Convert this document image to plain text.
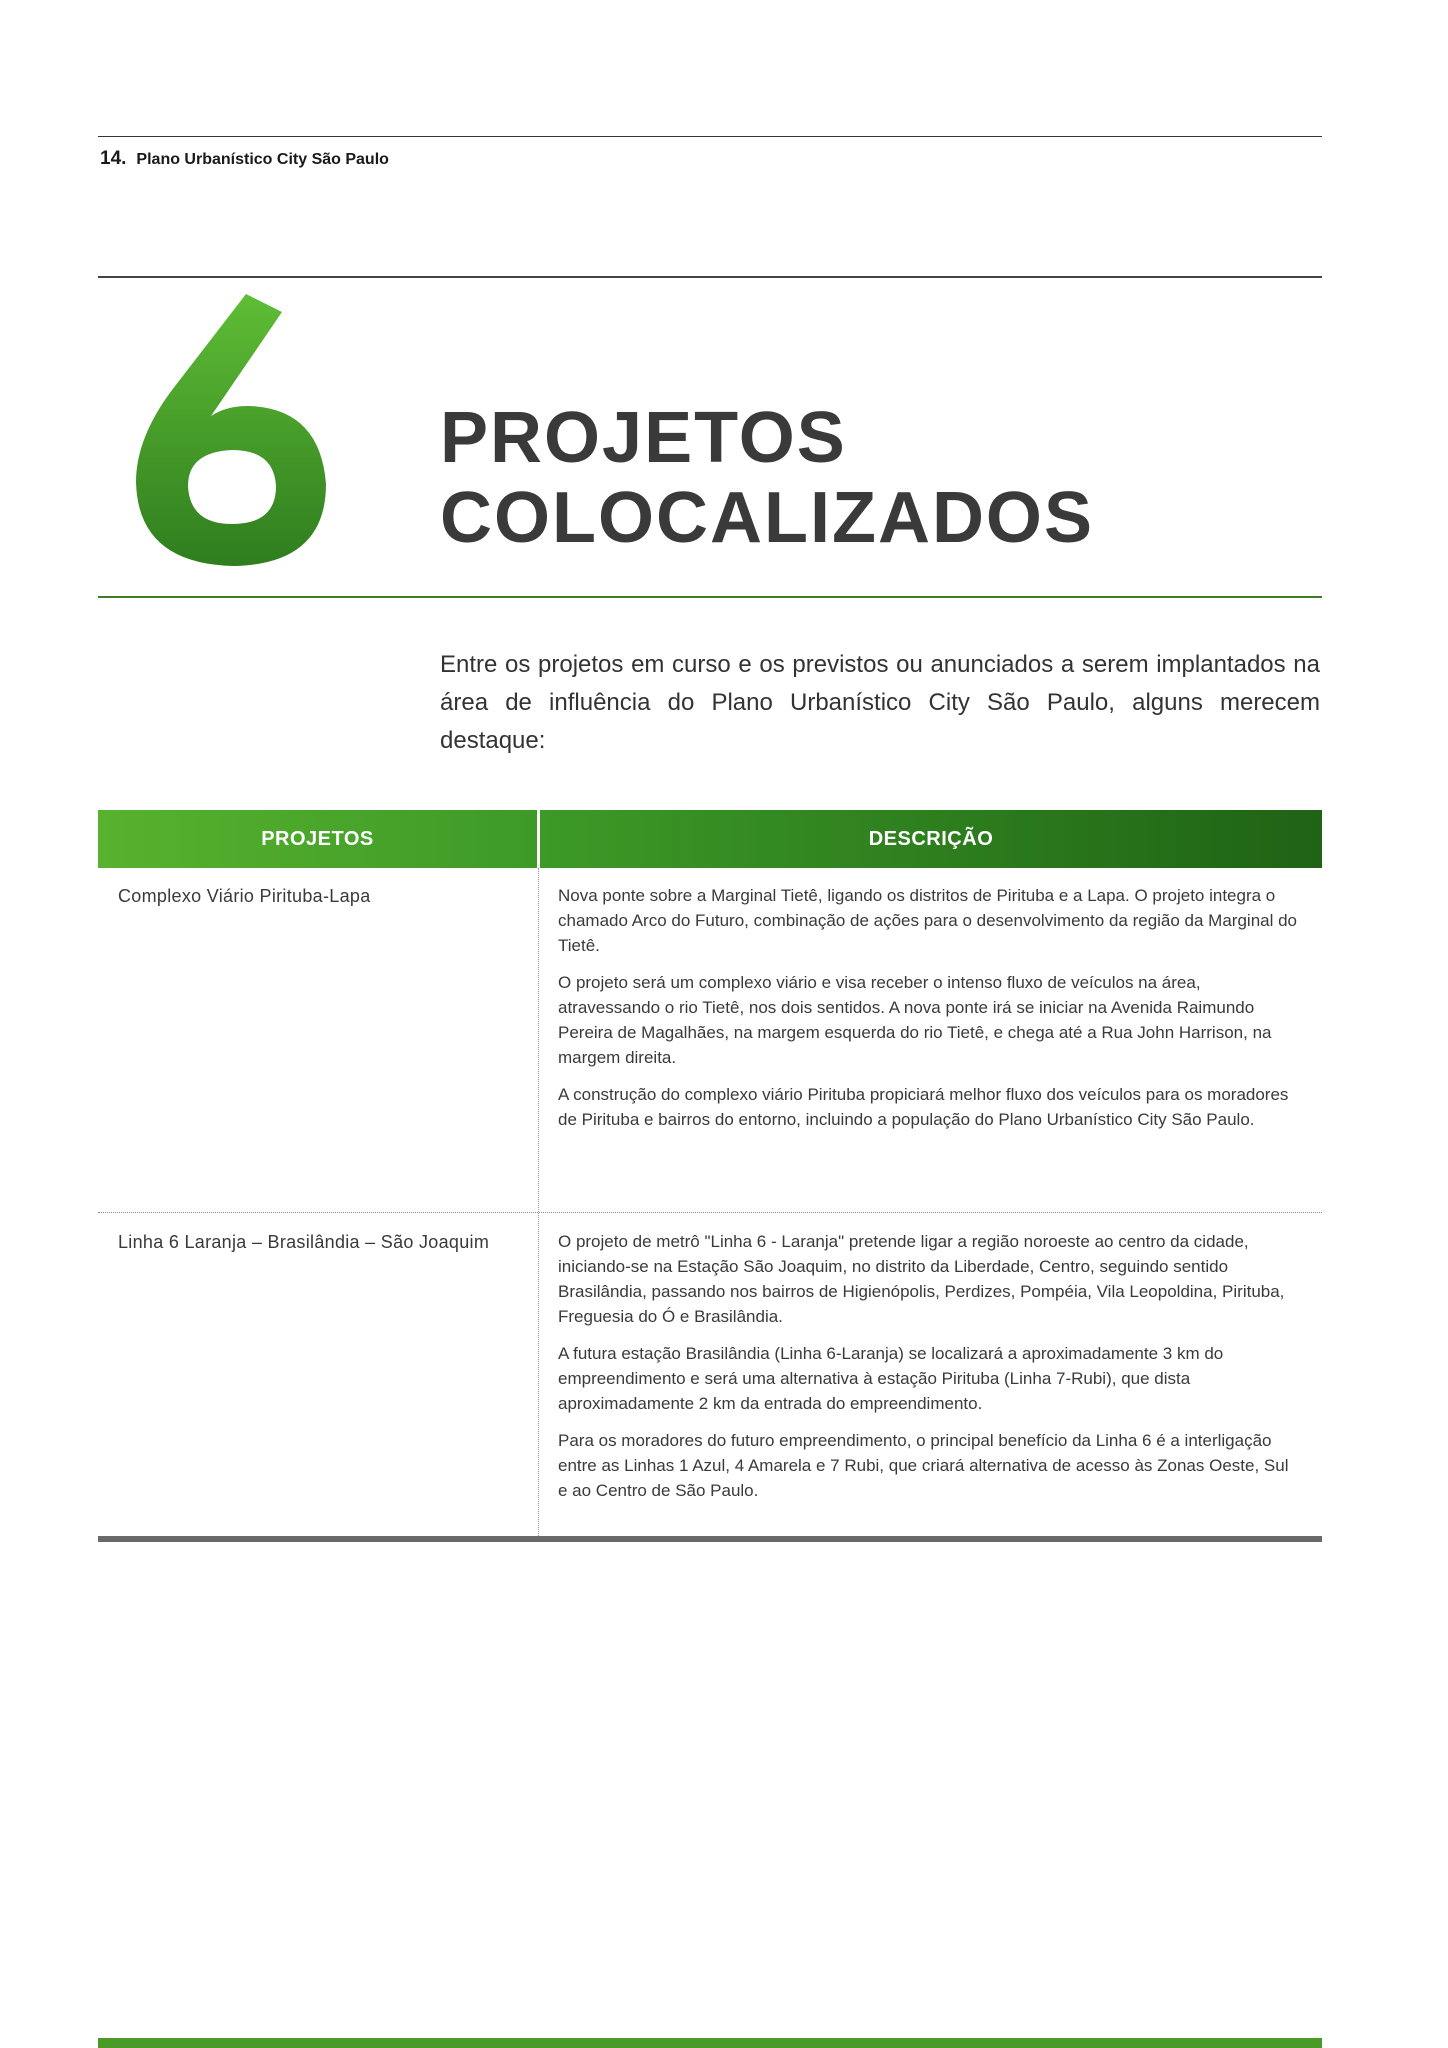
14. Plano Urbanístico City São Paulo
6
PROJETOS
COLOCALIZADOS
Entre os projetos em curso e os previstos ou anunciados a serem implantados na área de influência do Plano Urbanístico City São Paulo, alguns merecem destaque:
PROJETOS	DESCRIÇÃO
Complexo Viário Pirituba-Lapa	Nova ponte sobre a Marginal Tietê, ligando os distritos de Pirituba e a Lapa. O projeto integra o chamado Arco do Futuro, combinação de ações para o desenvolvimento da região da Marginal do Tietê.

O projeto será um complexo viário e visa receber o intenso fluxo de veículos na área, atravessando o rio Tietê, nos dois sentidos. A nova ponte irá se iniciar na Avenida Raimundo Pereira de Magalhães, na margem esquerda do rio Tietê, e chega até a Rua John Harrison, na margem direita.

A construção do complexo viário Pirituba propiciará melhor fluxo dos veículos para os moradores de Pirituba e bairros do entorno, incluindo a população do Plano Urbanístico City São Paulo.

Linha 6 Laranja – Brasilândia – São Joaquim	O projeto de metrô "Linha 6 - Laranja" pretende ligar a região noroeste ao centro da cidade, iniciando-se na Estação São Joaquim, no distrito da Liberdade, Centro, seguindo sentido Brasilândia, passando nos bairros de Higienópolis, Perdizes, Pompéia, Vila Leopoldina, Pirituba, Freguesia do Ó e Brasilândia.

A futura estação Brasilândia (Linha 6-Laranja) se localizará a aproximadamente 3 km do empreendimento e será uma alternativa à estação Pirituba (Linha 7-Rubi), que dista aproximadamente 2 km da entrada do empreendimento.

Para os moradores do futuro empreendimento, o principal benefício da Linha 6 é a interligação entre as Linhas 1 Azul, 4 Amarela e 7 Rubi, que criará alternativa de acesso às Zonas Oeste, Sul e ao Centro de São Paulo.
